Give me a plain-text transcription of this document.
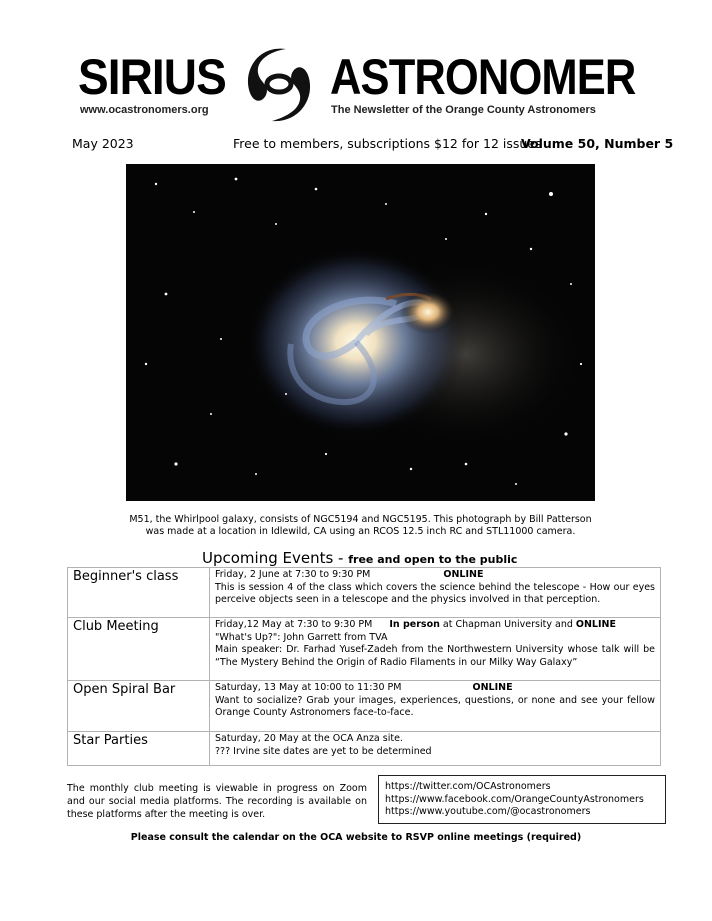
SIRIUS ASTRONOMER
www.ocastronomers.org	The Newsletter of the Orange County Astronomers
May 2023	Free to members, subscriptions $12 for 12 issues
Volume 50, Number 5
M51, the Whirlpool galaxy, consists of NGC5194 and NGC5195. This photograph by Bill Patterson was made at a location in Idlewild, CA using an RCOS 12.5 inch RC and STL11000 camera.
Upcoming Events - free and open to the public
Beginner's class	Friday, 2 June at 7:30 to 9:30 PM ONLINE
This is session 4 of the class which covers the science behind the telescope - How our eyes perceive objects seen in a telescope and the physics involved in that perception.
Club Meeting	Friday,12 May at 7:30 to 9:30 PM In person at Chapman University and ONLINE
"What's Up?": John Garrett from TVA
Main speaker: Dr. Farhad Yusef-Zadeh from the Northwestern University whose talk will be “The Mystery Behind the Origin of Radio Filaments in our Milky Way Galaxy”
Open Spiral Bar	Saturday, 13 May at 10:00 to 11:30 PM ONLINE
Want to socialize? Grab your images, experiences, questions, or none and see your fellow Orange County Astronomers face-to-face.
Star Parties	Saturday, 20 May at the OCA Anza site.
??? Irvine site dates are yet to be determined
The monthly club meeting is viewable in progress on Zoom and our social media platforms. The recording is available on these platforms after the meeting is over.
https://twitter.com/OCAstronomers
https://www.facebook.com/OrangeCountyAstronomers
https://www.youtube.com/@ocastronomers
Please consult the calendar on the OCA website to RSVP online meetings (required)
